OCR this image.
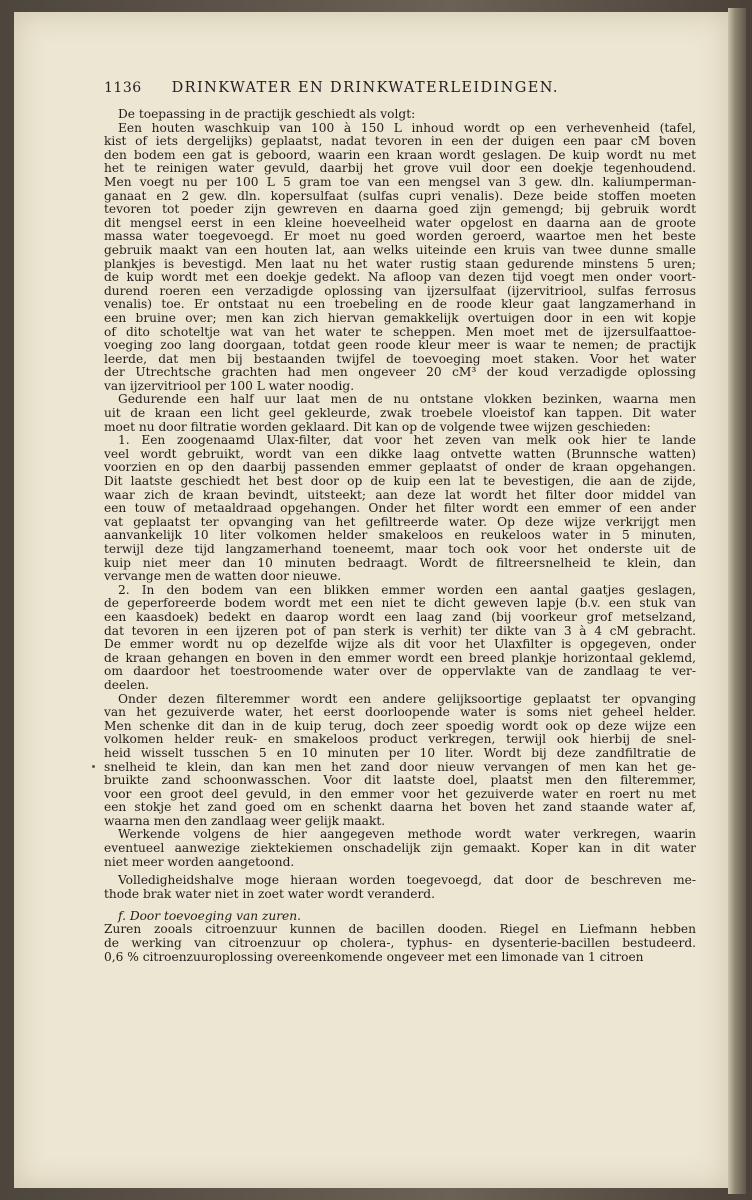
1136 DRINKWATER EN DRINKWATERLEIDINGEN.
De toepassing in de practijk geschiedt als volgt:
Een houten waschkuip van 100 à 150 L inhoud wordt op een verhevenheid (tafel,
kist of iets dergelijks) geplaatst, nadat tevoren in een der duigen een paar cM boven
den bodem een gat is geboord, waarin een kraan wordt geslagen. De kuip wordt nu met
het te reinigen water gevuld, daarbij het grove vuil door een doekje tegenhoudend.
Men voegt nu per 100 L 5 gram toe van een mengsel van 3 gew. dln. kaliumperman-
ganaat en 2 gew. dln. kopersulfaat (sulfas cupri venalis). Deze beide stoffen moeten
tevoren tot poeder zijn gewreven en daarna goed zijn gemengd; bij gebruik wordt
dit mengsel eerst in een kleine hoeveelheid water opgelost en daarna aan de groote
massa water toegevoegd. Er moet nu goed worden geroerd, waartoe men het beste
gebruik maakt van een houten lat, aan welks uiteinde een kruis van twee dunne smalle
plankjes is bevestigd. Men laat nu het water rustig staan gedurende minstens 5 uren;
de kuip wordt met een doekje gedekt. Na afloop van dezen tijd voegt men onder voort-
durend roeren een verzadigde oplossing van ijzersulfaat (ijzervitriool, sulfas ferrosus
venalis) toe. Er ontstaat nu een troebeling en de roode kleur gaat langzamerhand in
een bruine over; men kan zich hiervan gemakkelijk overtuigen door in een wit kopje
of dito schoteltje wat van het water te scheppen. Men moet met de ijzersulfaattoe-
voeging zoo lang doorgaan, totdat geen roode kleur meer is waar te nemen; de practijk
leerde, dat men bij bestaanden twijfel de toevoeging moet staken. Voor het water
der Utrechtsche grachten had men ongeveer 20 cM³ der koud verzadigde oplossing
van ijzervitriool per 100 L water noodig.
Gedurende een half uur laat men de nu ontstane vlokken bezinken, waarna men
uit de kraan een licht geel gekleurde, zwak troebele vloeistof kan tappen. Dit water
moet nu door filtratie worden geklaard. Dit kan op de volgende twee wijzen geschieden:
1. Een zoogenaamd Ulax-filter, dat voor het zeven van melk ook hier te lande
veel wordt gebruikt, wordt van een dikke laag ontvette watten (Brunnsche watten)
voorzien en op den daarbij passenden emmer geplaatst of onder de kraan opgehangen.
Dit laatste geschiedt het best door op de kuip een lat te bevestigen, die aan de zijde,
waar zich de kraan bevindt, uitsteekt; aan deze lat wordt het filter door middel van
een touw of metaaldraad opgehangen. Onder het filter wordt een emmer of een ander
vat geplaatst ter opvanging van het gefiltreerde water. Op deze wijze verkrijgt men
aanvankelijk 10 liter volkomen helder smakeloos en reukeloos water in 5 minuten,
terwijl deze tijd langzamerhand toeneemt, maar toch ook voor het onderste uit de
kuip niet meer dan 10 minuten bedraagt. Wordt de filtreersnelheid te klein, dan
vervange men de watten door nieuwe.
2. In den bodem van een blikken emmer worden een aantal gaatjes geslagen,
de geperforeerde bodem wordt met een niet te dicht geweven lapje (b.v. een stuk van
een kaasdoek) bedekt en daarop wordt een laag zand (bij voorkeur grof metselzand,
dat tevoren in een ijzeren pot of pan sterk is verhit) ter dikte van 3 à 4 cM gebracht.
De emmer wordt nu op dezelfde wijze als dit voor het Ulaxfilter is opgegeven, onder
de kraan gehangen en boven in den emmer wordt een breed plankje horizontaal geklemd,
om daardoor het toestroomende water over de oppervlakte van de zandlaag te ver-
deelen.
Onder dezen filteremmer wordt een andere gelijksoortige geplaatst ter opvanging
van het gezuiverde water, het eerst doorloopende water is soms niet geheel helder.
Men schenke dit dan in de kuip terug, doch zeer spoedig wordt ook op deze wijze een
volkomen helder reuk- en smakeloos product verkregen, terwijl ook hierbij de snel-
heid wisselt tusschen 5 en 10 minuten per 10 liter. Wordt bij deze zandfiltratie de
snelheid te klein, dan kan men het zand door nieuw vervangen of men kan het ge-
bruikte zand schoonwasschen. Voor dit laatste doel, plaatst men den filteremmer,
voor een groot deel gevuld, in den emmer voor het gezuiverde water en roert nu met
een stokje het zand goed om en schenkt daarna het boven het zand staande water af,
waarna men den zandlaag weer gelijk maakt.
Werkende volgens de hier aangegeven methode wordt water verkregen, waarin
eventueel aanwezige ziektekiemen onschadelijk zijn gemaakt. Koper kan in dit water
niet meer worden aangetoond.
Volledigheidshalve moge hieraan worden toegevoegd, dat door de beschreven me-
thode brak water niet in zoet water wordt veranderd.
f. Door toevoeging van zuren.
Zuren zooals citroenzuur kunnen de bacillen dooden. Riegel en Liefmann hebben
de werking van citroenzuur op cholera-, typhus- en dysenterie-bacillen bestudeerd.
0,6 % citroenzuuroplossing overeenkomende ongeveer met een limonade van 1 citroen
